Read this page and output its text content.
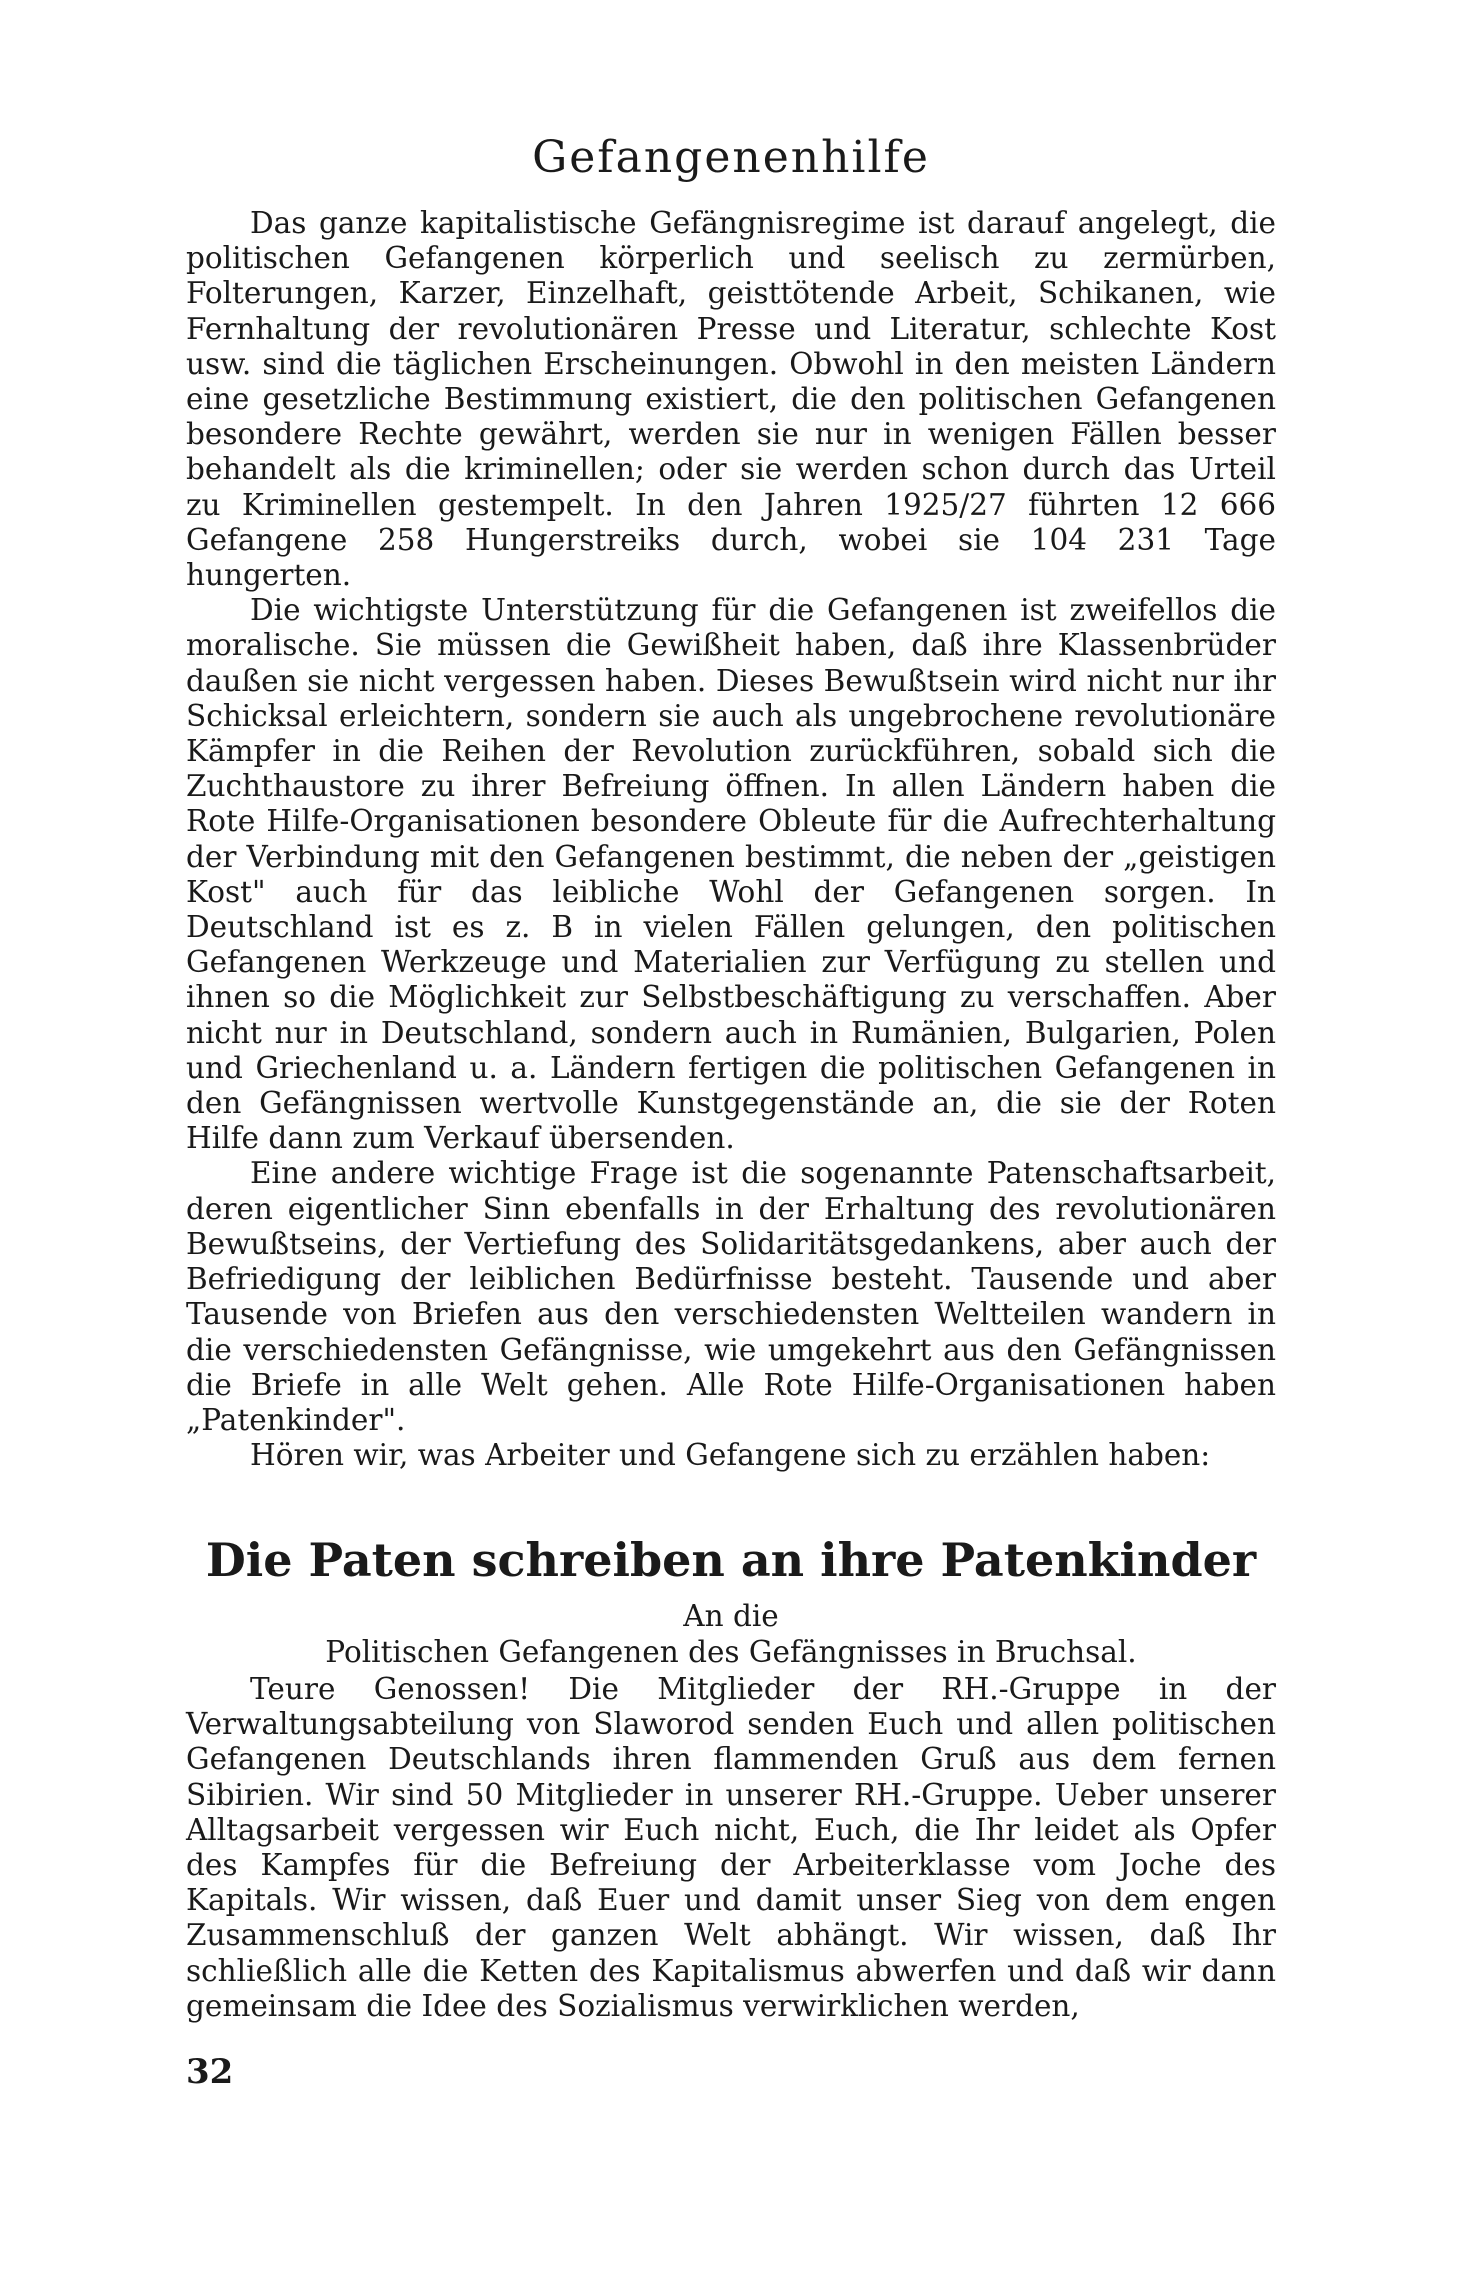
Gefangenenhilfe

Das ganze kapitalistische Gefängnisregime ist darauf angelegt, die politischen Gefangenen körperlich und seelisch zu zermürben, Folterungen, Karzer, Einzelhaft, geisttötende Arbeit, Schikanen, wie Fernhaltung der revolutionären Presse und Literatur, schlechte Kost usw. sind die täglichen Erscheinungen. Obwohl in den meisten Ländern eine gesetzliche Bestimmung existiert, die den politischen Gefangenen besondere Rechte gewährt, werden sie nur in wenigen Fällen besser behandelt als die kriminellen; oder sie werden schon durch das Urteil zu Kriminellen gestempelt. In den Jahren 1925/27 führten 12 666 Gefangene 258 Hungerstreiks durch, wobei sie 104 231 Tage hungerten.

Die wichtigste Unterstützung für die Gefangenen ist zweifellos die moralische. Sie müssen die Gewißheit haben, daß ihre Klassenbrüder daußen sie nicht vergessen haben. Dieses Bewußtsein wird nicht nur ihr Schicksal erleichtern, sondern sie auch als ungebrochene revolutionäre Kämpfer in die Reihen der Revolution zurückführen, sobald sich die Zuchthaustore zu ihrer Befreiung öffnen. In allen Ländern haben die Rote Hilfe-Organisationen besondere Obleute für die Aufrechterhaltung der Verbindung mit den Gefangenen bestimmt, die neben der „geistigen Kost" auch für das leibliche Wohl der Gefangenen sorgen. In Deutschland ist es z. B in vielen Fällen gelungen, den politischen Gefangenen Werkzeuge und Materialien zur Verfügung zu stellen und ihnen so die Möglichkeit zur Selbstbeschäftigung zu verschaffen. Aber nicht nur in Deutschland, sondern auch in Rumänien, Bulgarien, Polen und Griechenland u. a. Ländern fertigen die politischen Gefangenen in den Gefängnissen wertvolle Kunstgegenstände an, die sie der Roten Hilfe dann zum Verkauf übersenden.

Eine andere wichtige Frage ist die sogenannte Patenschaftsarbeit, deren eigentlicher Sinn ebenfalls in der Erhaltung des revolutionären Bewußtseins, der Vertiefung des Solidaritätsgedankens, aber auch der Befriedigung der leiblichen Bedürfnisse besteht. Tausende und aber Tausende von Briefen aus den verschiedensten Weltteilen wandern in die verschiedensten Gefängnisse, wie umgekehrt aus den Gefängnissen die Briefe in alle Welt gehen. Alle Rote Hilfe-Organisationen haben „Patenkinder".

Hören wir, was Arbeiter und Gefangene sich zu erzählen haben:

Die Paten schreiben an ihre Patenkinder
An die
Politischen Gefangenen des Gefängnisses in Bruchsal.

Teure Genossen! Die Mitglieder der RH.-Gruppe in der Verwaltungsabteilung von Slaworod senden Euch und allen politischen Gefangenen Deutschlands ihren flammenden Gruß aus dem fernen Sibirien. Wir sind 50 Mitglieder in unserer RH.-Gruppe. Ueber unserer Alltagsarbeit vergessen wir Euch nicht, Euch, die Ihr leidet als Opfer des Kampfes für die Befreiung der Arbeiterklasse vom Joche des Kapitals. Wir wissen, daß Euer und damit unser Sieg von dem engen Zusammenschluß der ganzen Welt abhängt. Wir wissen, daß Ihr schließlich alle die Ketten des Kapitalismus abwerfen und daß wir dann gemeinsam die Idee des Sozialismus verwirklichen werden,

32
